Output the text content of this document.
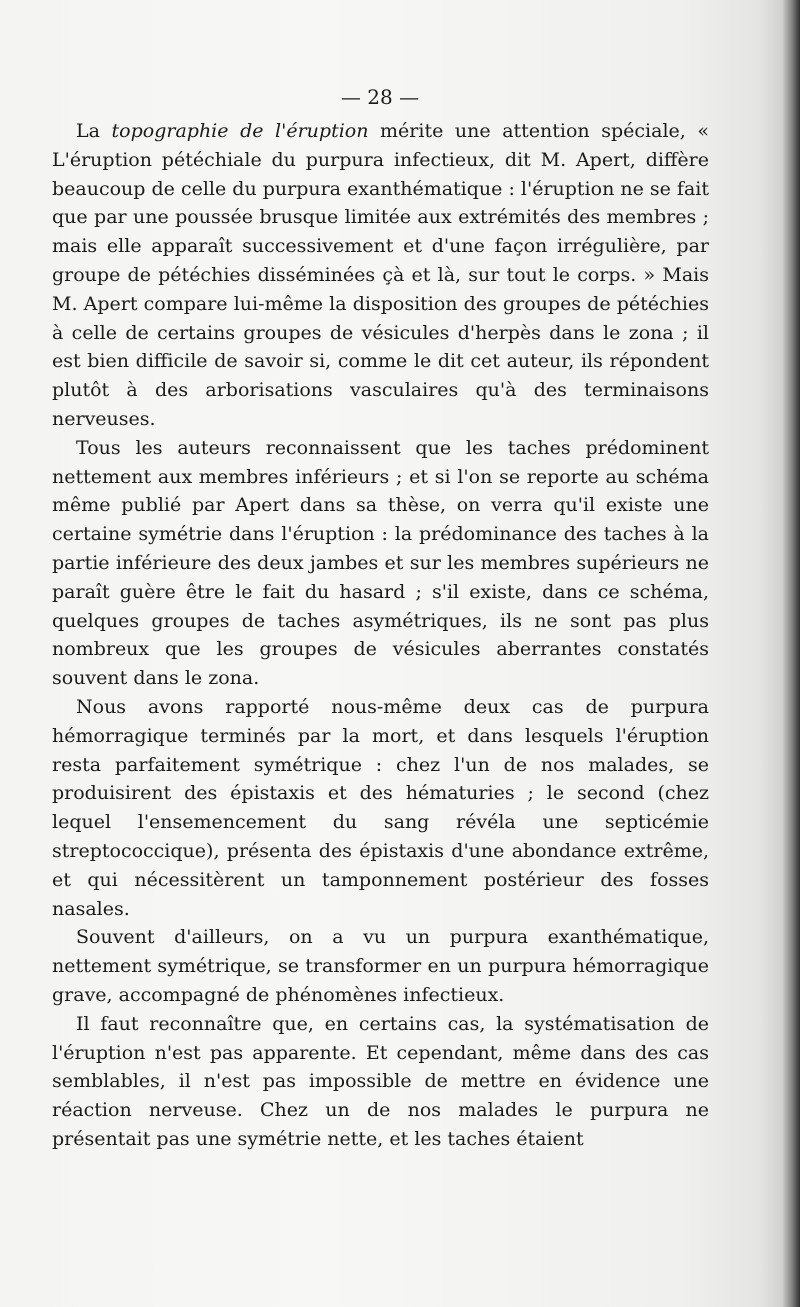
— 28 —

La topographie de l'éruption mérite une attention spéciale, « L'éruption pétéchiale du purpura infectieux, dit M. Apert, diffère beaucoup de celle du purpura exanthématique : l'éruption ne se fait que par une poussée brusque limitée aux extrémités des membres ; mais elle apparaît successivement et d'une façon irrégulière, par groupe de pétéchies disséminées çà et là, sur tout le corps. » Mais M. Apert compare lui-même la disposition des groupes de pétéchies à celle de certains groupes de vésicules d'herpès dans le zona ; il est bien difficile de savoir si, comme le dit cet auteur, ils répondent plutôt à des arborisations vasculaires qu'à des terminaisons nerveuses.

Tous les auteurs reconnaissent que les taches prédominent nettement aux membres inférieurs ; et si l'on se reporte au schéma même publié par Apert dans sa thèse, on verra qu'il existe une certaine symétrie dans l'éruption : la prédominance des taches à la partie inférieure des deux jambes et sur les membres supérieurs ne paraît guère être le fait du hasard ; s'il existe, dans ce schéma, quelques groupes de taches asymétriques, ils ne sont pas plus nombreux que les groupes de vésicules aberrantes constatés souvent dans le zona.

Nous avons rapporté nous-même deux cas de purpura hémorragique terminés par la mort, et dans lesquels l'éruption resta parfaitement symétrique : chez l'un de nos malades, se produisirent des épistaxis et des hématuries ; le second (chez lequel l'ensemencement du sang révéla une septicémie streptococcique), présenta des épistaxis d'une abondance extrême, et qui nécessitèrent un tamponnement postérieur des fosses nasales.

Souvent d'ailleurs, on a vu un purpura exanthématique, nettement symétrique, se transformer en un purpura hémorragique grave, accompagné de phénomènes infectieux.

Il faut reconnaître que, en certains cas, la systématisation de l'éruption n'est pas apparente. Et cependant, même dans des cas semblables, il n'est pas impossible de mettre en évidence une réaction nerveuse. Chez un de nos malades le purpura ne présentait pas une symétrie nette, et les taches étaient
